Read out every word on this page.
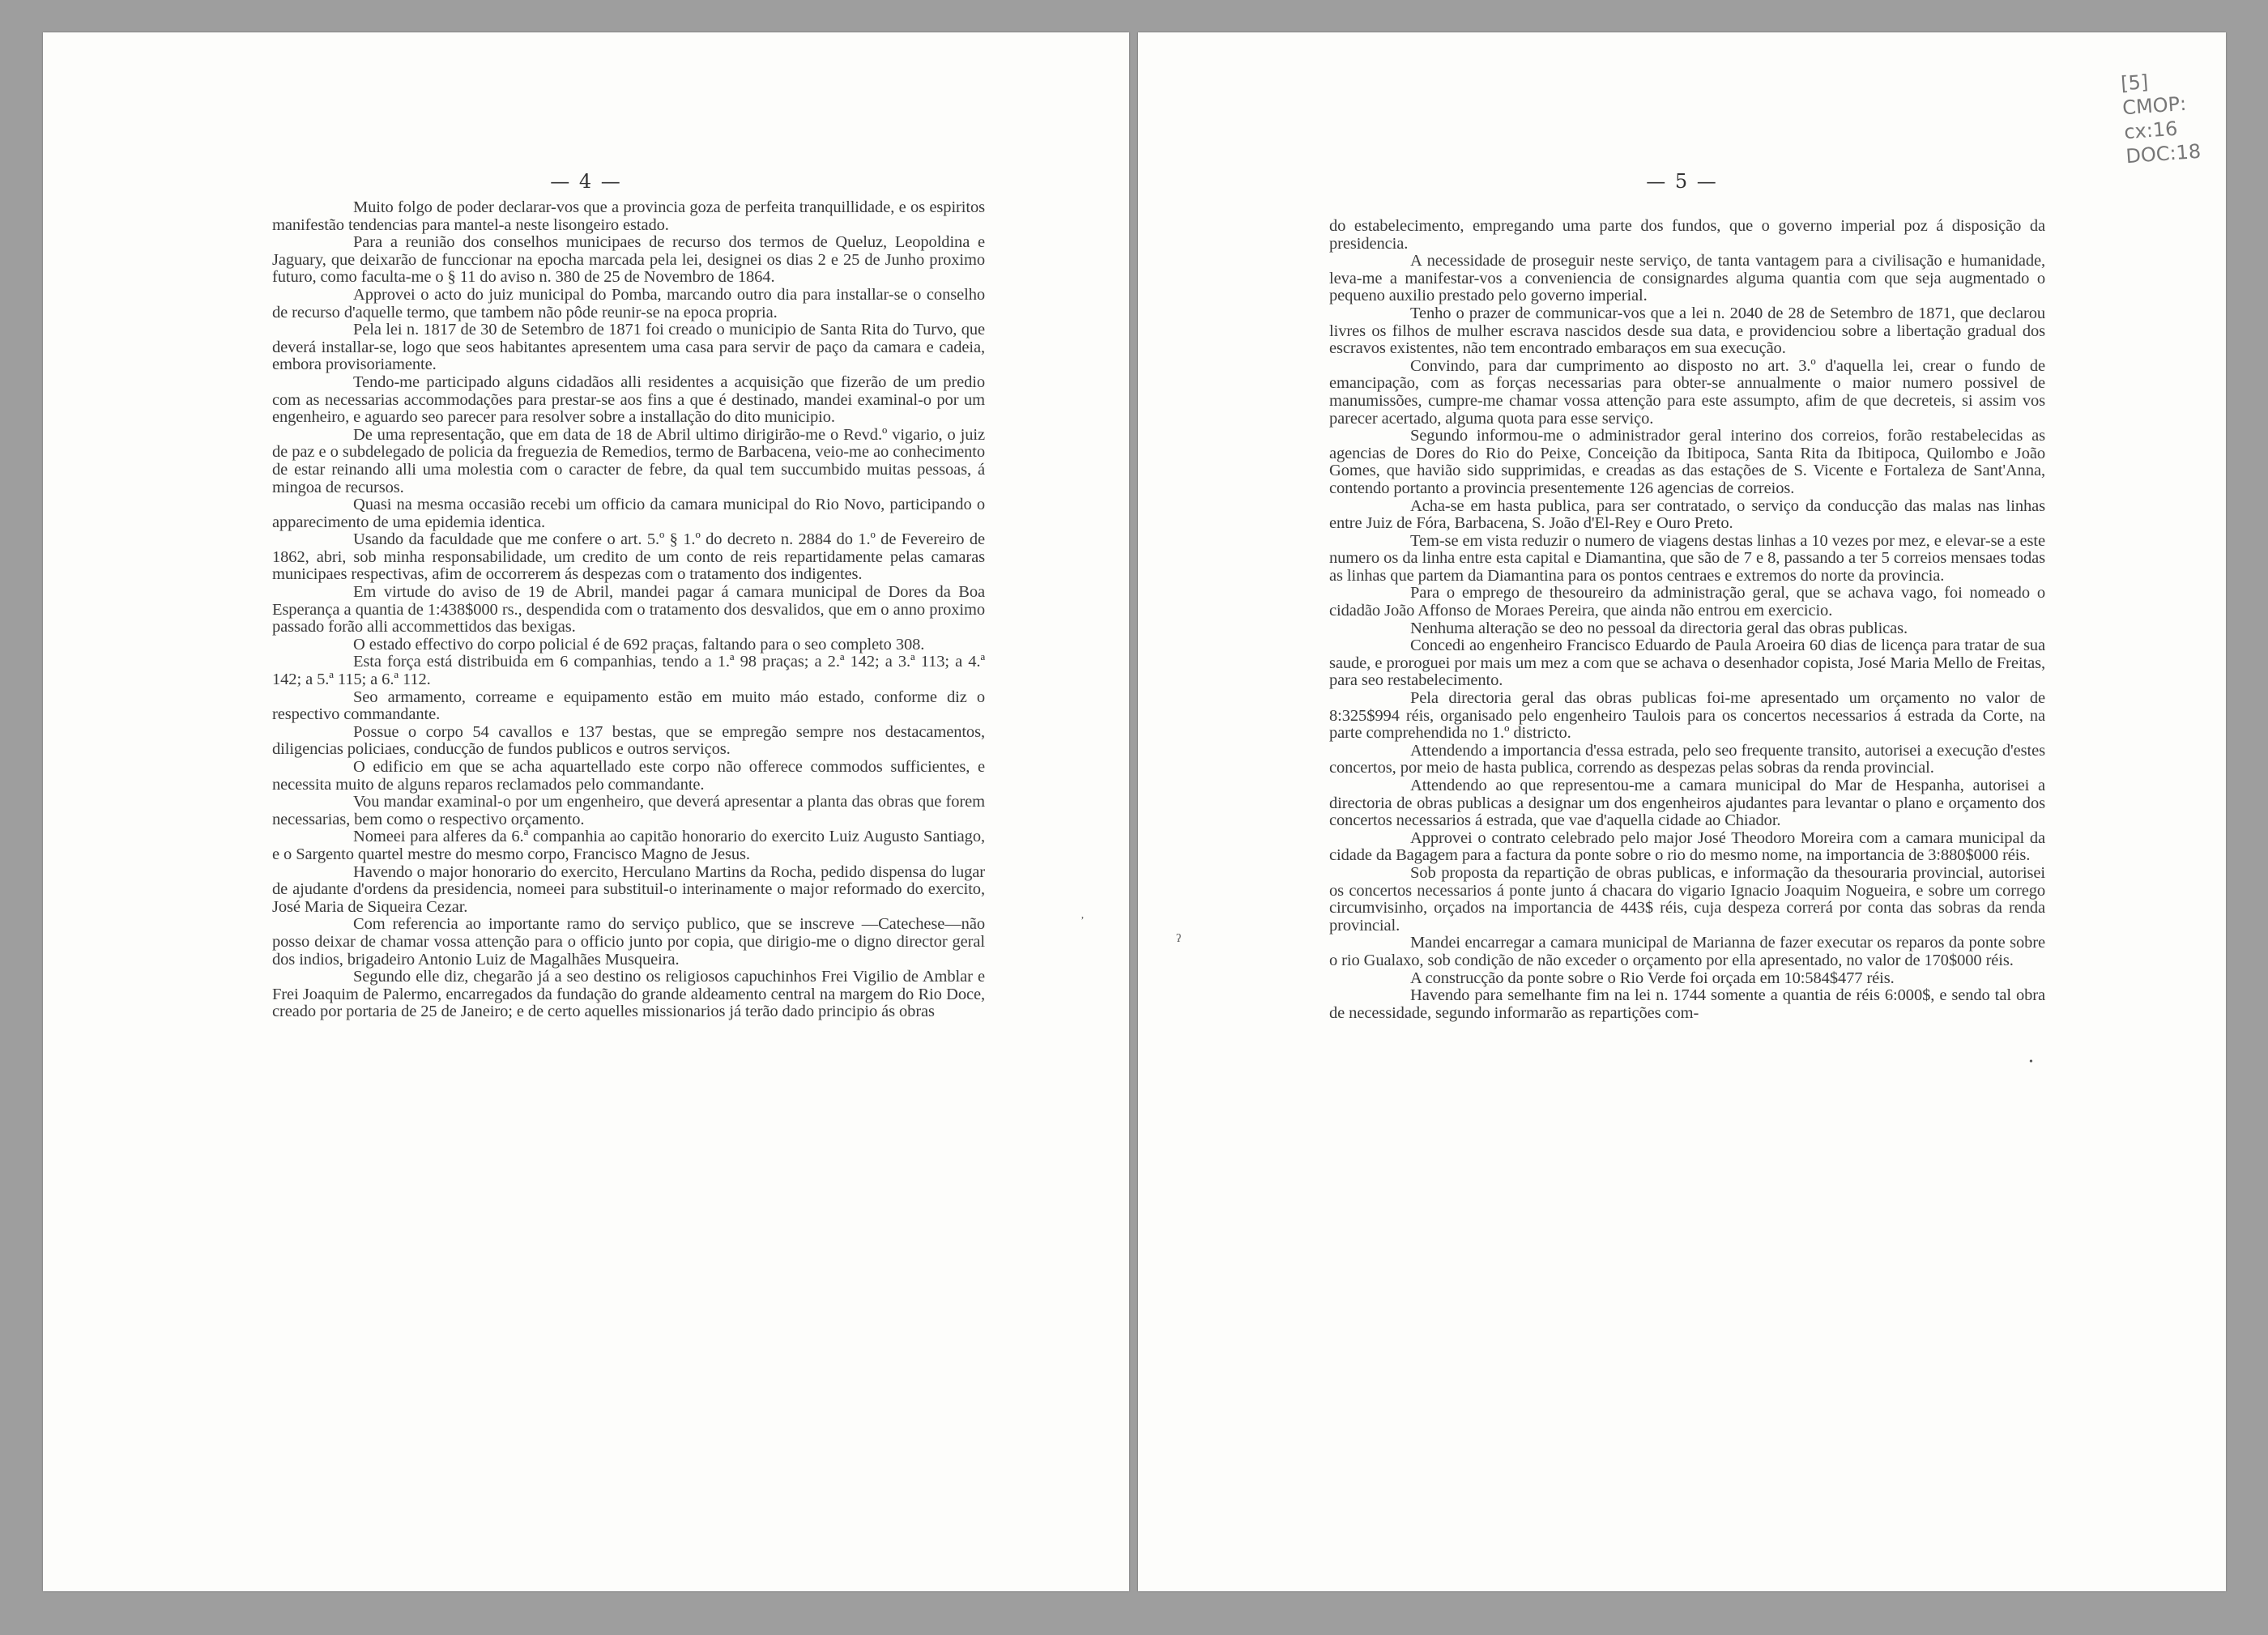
— 4 —

Muito folgo de poder declarar-vos que a provincia goza de perfeita tranquillidade, e os espiritos manifestão tendencias para mantel-a neste lisongeiro estado.

Para a reunião dos conselhos municipaes de recurso dos termos de Queluz, Leopoldina e Jaguary, que deixarão de funccionar na epocha marcada pela lei, designei os dias 2 e 25 de Junho proximo futuro, como faculta-me o § 11 do aviso n. 380 de 25 de Novembro de 1864.

Approvei o acto do juiz municipal do Pomba, marcando outro dia para installar-se o conselho de recurso d'aquelle termo, que tambem não pôde reunir-se na epoca propria.

Pela lei n. 1817 de 30 de Setembro de 1871 foi creado o municipio de Santa Rita do Turvo, que deverá installar-se, logo que seos habitantes apresentem uma casa para servir de paço da camara e cadeia, embora provisoriamente.

Tendo-me participado alguns cidadãos alli residentes a acquisição que fizerão de um predio com as necessarias accommodações para prestar-se aos fins a que é destinado, mandei examinal-o por um engenheiro, e aguardo seo parecer para resolver sobre a installação do dito municipio.

De uma representação, que em data de 18 de Abril ultimo dirigirão-me o Revd.º vigario, o juiz de paz e o subdelegado de policia da freguezia de Remedios, termo de Barbacena, veio-me ao conhecimento de estar reinando alli uma molestia com o caracter de febre, da qual tem succumbido muitas pessoas, á mingoa de recursos.

Quasi na mesma occasião recebi um officio da camara municipal do Rio Novo, participando o apparecimento de uma epidemia identica.

Usando da faculdade que me confere o art. 5.º § 1.º do decreto n. 2884 do 1.º de Fevereiro de 1862, abri, sob minha responsabilidade, um credito de um conto de reis repartidamente pelas camaras municipaes respectivas, afim de occorrerem ás despezas com o tratamento dos indigentes.

Em virtude do aviso de 19 de Abril, mandei pagar á camara municipal de Dores da Boa Esperança a quantia de 1:438$000 rs., despendida com o tratamento dos desvalidos, que em o anno proximo passado forão alli accommettidos das bexigas.

O estado effectivo do corpo policial é de 692 praças, faltando para o seo completo 308.

Esta força está distribuida em 6 companhias, tendo a 1.ª 98 praças; a 2.ª 142; a 3.ª 113; a 4.ª 142; a 5.ª 115; a 6.ª 112.

Seo armamento, correame e equipamento estão em muito máo estado, conforme diz o respectivo commandante.

Possue o corpo 54 cavallos e 137 bestas, que se empregão sempre nos destacamentos, diligencias policiaes, conducção de fundos publicos e outros serviços.

O edificio em que se acha aquartellado este corpo não offerece commodos sufficientes, e necessita muito de alguns reparos reclamados pelo commandante.

Vou mandar examinal-o por um engenheiro, que deverá apresentar a planta das obras que forem necessarias, bem como o respectivo orçamento.

Nomeei para alferes da 6.ª companhia ao capitão honorario do exercito Luiz Augusto Santiago, e o Sargento quartel mestre do mesmo corpo, Francisco Magno de Jesus.

Havendo o major honorario do exercito, Herculano Martins da Rocha, pedido dispensa do lugar de ajudante d'ordens da presidencia, nomeei para substituil-o interinamente o major reformado do exercito, José Maria de Siqueira Cezar.

Com referencia ao importante ramo do serviço publico, que se inscreve —Catechese—não posso deixar de chamar vossa attenção para o officio junto por copia, que dirigio-me o digno director geral dos indios, brigadeiro Antonio Luiz de Magalhães Musqueira.

Segundo elle diz, chegarão já a seo destino os religiosos capuchinhos Frei Vigilio de Amblar e Frei Joaquim de Palermo, encarregados da fundação do grande aldeamento central na margem do Rio Doce, creado por portaria de 25 de Janeiro; e de certo aquelles missionarios já terão dado principio ás obras

ʼ
— 5 —

do estabelecimento, empregando uma parte dos fundos, que o governo imperial poz á disposição da presidencia.

A necessidade de proseguir neste serviço, de tanta vantagem para a civilisação e humanidade, leva-me a manifestar-vos a conveniencia de consignardes alguma quantia com que seja augmentado o pequeno auxilio prestado pelo governo imperial.

Tenho o prazer de communicar-vos que a lei n. 2040 de 28 de Setembro de 1871, que declarou livres os filhos de mulher escrava nascidos desde sua data, e providenciou sobre a libertação gradual dos escravos existentes, não tem encontrado embaraços em sua execução.

Convindo, para dar cumprimento ao disposto no art. 3.º d'aquella lei, crear o fundo de emancipação, com as forças necessarias para obter-se annualmente o maior numero possivel de manumissões, cumpre-me chamar vossa attenção para este assumpto, afim de que decreteis, si assim vos parecer acertado, alguma quota para esse serviço.

Segundo informou-me o administrador geral interino dos correios, forão restabelecidas as agencias de Dores do Rio do Peixe, Conceição da Ibitipoca, Santa Rita da Ibitipoca, Quilombo e João Gomes, que havião sido supprimidas, e creadas as das estações de S. Vicente e Fortaleza de Sant'Anna, contendo portanto a provincia presentemente 126 agencias de correios.

Acha-se em hasta publica, para ser contratado, o serviço da conducção das malas nas linhas entre Juiz de Fóra, Barbacena, S. João d'El-Rey e Ouro Preto.

Tem-se em vista reduzir o numero de viagens destas linhas a 10 vezes por mez, e elevar-se a este numero os da linha entre esta capital e Diamantina, que são de 7 e 8, passando a ter 5 correios mensaes todas as linhas que partem da Diamantina para os pontos centraes e extremos do norte da provincia.

Para o emprego de thesoureiro da administração geral, que se achava vago, foi nomeado o cidadão João Affonso de Moraes Pereira, que ainda não entrou em exercicio.

Nenhuma alteração se deo no pessoal da directoria geral das obras publicas.

Concedi ao engenheiro Francisco Eduardo de Paula Aroeira 60 dias de licença para tratar de sua saude, e proroguei por mais um mez a com que se achava o desenhador copista, José Maria Mello de Freitas, para seo restabelecimento.

Pela directoria geral das obras publicas foi-me apresentado um orçamento no valor de 8:325$994 réis, organisado pelo engenheiro Taulois para os concertos necessarios á estrada da Corte, na parte comprehendida no 1.º districto.

Attendendo a importancia d'essa estrada, pelo seo frequente transito, autorisei a execução d'estes concertos, por meio de hasta publica, correndo as despezas pelas sobras da renda provincial.

Attendendo ao que representou-me a camara municipal do Mar de Hespanha, autorisei a directoria de obras publicas a designar um dos engenheiros ajudantes para levantar o plano e orçamento dos concertos necessarios á estrada, que vae d'aquella cidade ao Chiador.

Approvei o contrato celebrado pelo major José Theodoro Moreira com a camara municipal da cidade da Bagagem para a factura da ponte sobre o rio do mesmo nome, na importancia de 3:880$000 réis.

Sob proposta da repartição de obras publicas, e informação da thesouraria provincial, autorisei os concertos necessarios á ponte junto á chacara do vigario Ignacio Joaquim Nogueira, e sobre um corrego circumvisinho, orçados na importancia de 443$ réis, cuja despeza correrá por conta das sobras da renda provincial.

Mandei encarregar a camara municipal de Marianna de fazer executar os reparos da ponte sobre o rio Gualaxo, sob condição de não exceder o orçamento por ella apresentado, no valor de 170$000 réis.

A construcção da ponte sobre o Rio Verde foi orçada em 10:584$477 réis.

Havendo para semelhante fim na lei n. 1744 somente a quantia de réis 6:000$, e sendo tal obra de necessidade, segundo informarão as repartições com-

ʔ
•
[5]
CMOP:
cx:16
DOC:18
